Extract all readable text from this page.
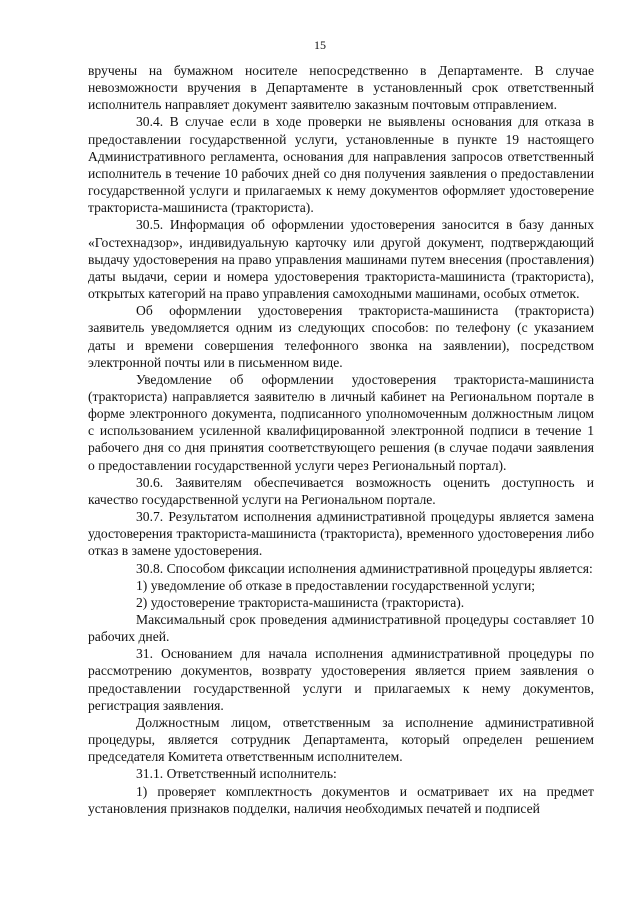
15

вручены на бумажном носителе непосредственно в Департаменте. В случае невозможности вручения в Департаменте в установленный срок ответственный исполнитель направляет документ заявителю заказным почтовым отправлением.

30.4. В случае если в ходе проверки не выявлены основания для отказа в предоставлении государственной услуги, установленные в пункте 19 настоящего Административного регламента, основания для направления запросов ответственный исполнитель в течение 10 рабочих дней со дня получения заявления о предоставлении государственной услуги и прилагаемых к нему документов оформляет удостоверение тракториста-машиниста (тракториста).

30.5. Информация об оформлении удостоверения заносится в базу данных «Гостехнадзор», индивидуальную карточку или другой документ, подтверждающий выдачу удостоверения на право управления машинами путем внесения (проставления) даты выдачи, серии и номера удостоверения тракториста-машиниста (тракториста), открытых категорий на право управления самоходными машинами, особых отметок.

Об оформлении удостоверения тракториста-машиниста (тракториста) заявитель уведомляется одним из следующих способов: по телефону (с указанием даты и времени совершения телефонного звонка на заявлении), посредством электронной почты или в письменном виде.

Уведомление об оформлении удостоверения тракториста-машиниста (тракториста) направляется заявителю в личный кабинет на Региональном портале в форме электронного документа, подписанного уполномоченным должностным лицом с использованием усиленной квалифицированной электронной подписи в течение 1 рабочего дня со дня принятия соответствующего решения (в случае подачи заявления о предоставлении государственной услуги через Региональный портал).

30.6. Заявителям обеспечивается возможность оценить доступность и качество государственной услуги на Региональном портале.

30.7. Результатом исполнения административной процедуры является замена удостоверения тракториста-машиниста (тракториста), временного удостоверения либо отказ в замене удостоверения.

30.8. Способом фиксации исполнения административной процедуры является:

1) уведомление об отказе в предоставлении государственной услуги;

2) удостоверение тракториста-машиниста (тракториста).

Максимальный срок проведения административной процедуры составляет 10 рабочих дней.

31. Основанием для начала исполнения административной процедуры по рассмотрению документов, возврату удостоверения является прием заявления о предоставлении государственной услуги и прилагаемых к нему документов, регистрация заявления.

Должностным лицом, ответственным за исполнение административной процедуры, является сотрудник Департамента, который определен решением председателя Комитета ответственным исполнителем.

31.1. Ответственный исполнитель:

1) проверяет комплектность документов и осматривает их на предмет установления признаков подделки, наличия необходимых печатей и подписей
